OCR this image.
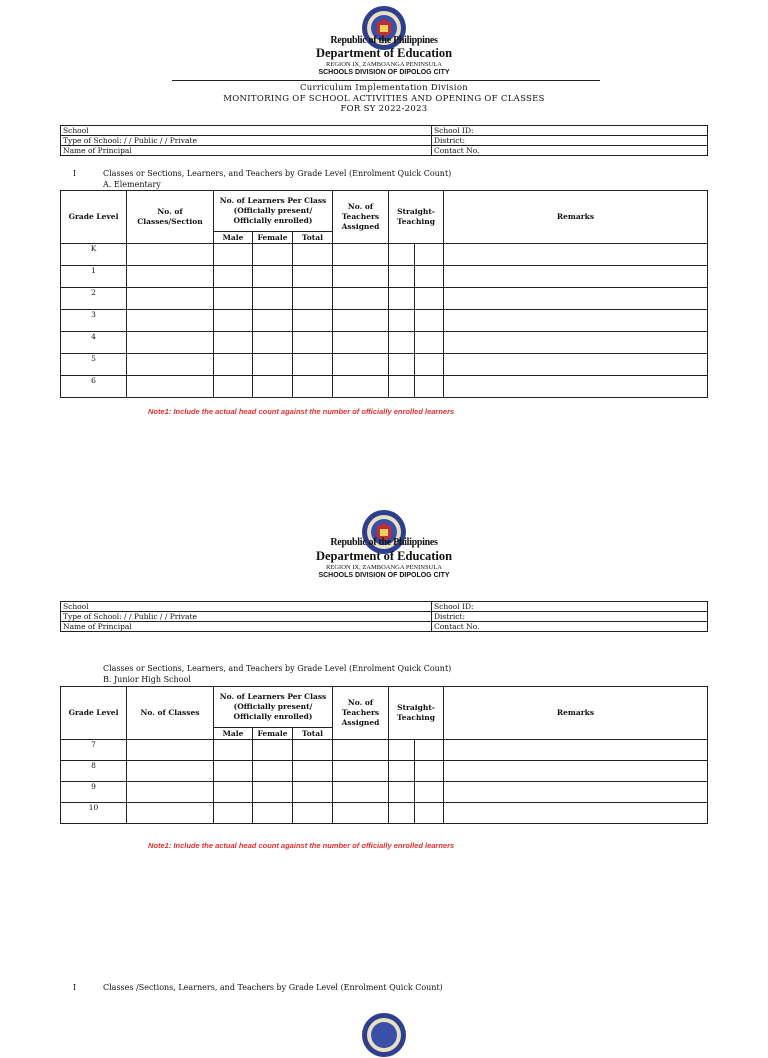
Republic of the Philippines
Department of Education
REGION IX, ZAMBOANGA PENINSULA
SCHOOLS DIVISION OF DIPOLOG CITY
Curriculum Implementation Division
MONITORING OF SCHOOL ACTIVITIES AND OPENING OF CLASSES
FOR SY 2022-2023
School	School ID:
Type of School: / / Public / / Private	District:
Name of Principal	Contact No.
I	Classes or Sections, Learners, and Teachers by Grade Level (Enrolment Quick Count)
A. Elementary
Grade Level	No. of Classes/Section	No. of Learners Per Class (Officially present/ Officially enrolled)			No. of Teachers Assigned	Straight-Teaching		Remarks
		Male	Female	Total				
K								
1								
2								
3								
4								
5								
6								
Republic of the Philippines
Department of Education
REGION IX, ZAMBOANGA PENINSULA
SCHOOLS DIVISION OF DIPOLOG CITY
School	School ID:
Type of School: / / Public / / Private	District:
Name of Principal	Contact No.
Classes or Sections, Learners, and Teachers by Grade Level (Enrolment Quick Count)
B. Junior High School
Grade Level	No. of Classes	No. of Learners Per Class (Officially present/ Officially enrolled)			No. of Teachers Assigned	Straight-Teaching		Remarks
		Male	Female	Total				
7								
8								
9								
10								
Note1: Include the actual head count against the number of officially enrolled learners
I	Classes /Sections, Learners, and Teachers by Grade Level (Enrolment Quick Count)
Note1: Include the actual head count against the number of officially enrolled learners
